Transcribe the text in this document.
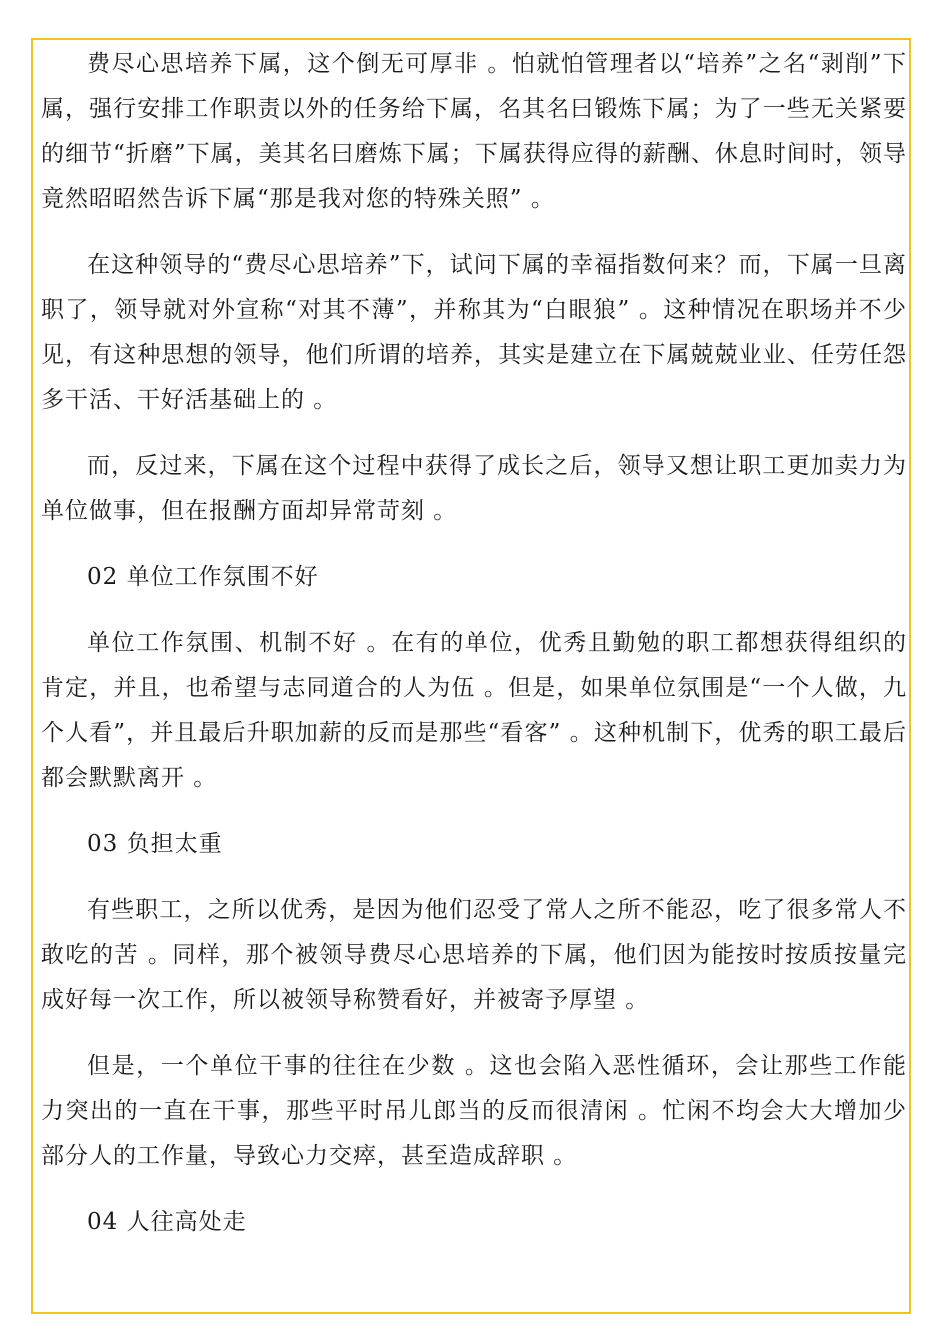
费尽心思培养下属，这个倒无可厚非 。怕就怕管理者以“培养”之名“剥削”下属，强行安排工作职责以外的任务给下属，名其名曰锻炼下属；为了一些无关紧要的细节“折磨”下属，美其名曰磨炼下属；下属获得应得的薪酬、休息时间时，领导竟然昭昭然告诉下属“那是我对您的特殊关照” 。

在这种领导的“费尽心思培养”下，试问下属的幸福指数何来？而，下属一旦离职了，领导就对外宣称“对其不薄”，并称其为“白眼狼” 。这种情况在职场并不少见，有这种思想的领导，他们所谓的培养，其实是建立在下属兢兢业业、任劳任怨多干活、干好活基础上的 。

而，反过来，下属在这个过程中获得了成长之后，领导又想让职工更加卖力为单位做事，但在报酬方面却异常苛刻 。

02 单位工作氛围不好

单位工作氛围、机制不好 。在有的单位，优秀且勤勉的职工都想获得组织的肯定，并且，也希望与志同道合的人为伍 。但是，如果单位氛围是“一个人做，九个人看”，并且最后升职加薪的反而是那些“看客” 。这种机制下，优秀的职工最后都会默默离开 。

03 负担太重

有些职工，之所以优秀，是因为他们忍受了常人之所不能忍，吃了很多常人不敢吃的苦 。同样，那个被领导费尽心思培养的下属，他们因为能按时按质按量完成好每一次工作，所以被领导称赞看好，并被寄予厚望 。

但是，一个单位干事的往往在少数 。这也会陷入恶性循环，会让那些工作能力突出的一直在干事，那些平时吊儿郎当的反而很清闲 。忙闲不均会大大增加少部分人的工作量，导致心力交瘁，甚至造成辞职 。

04 人往高处走
